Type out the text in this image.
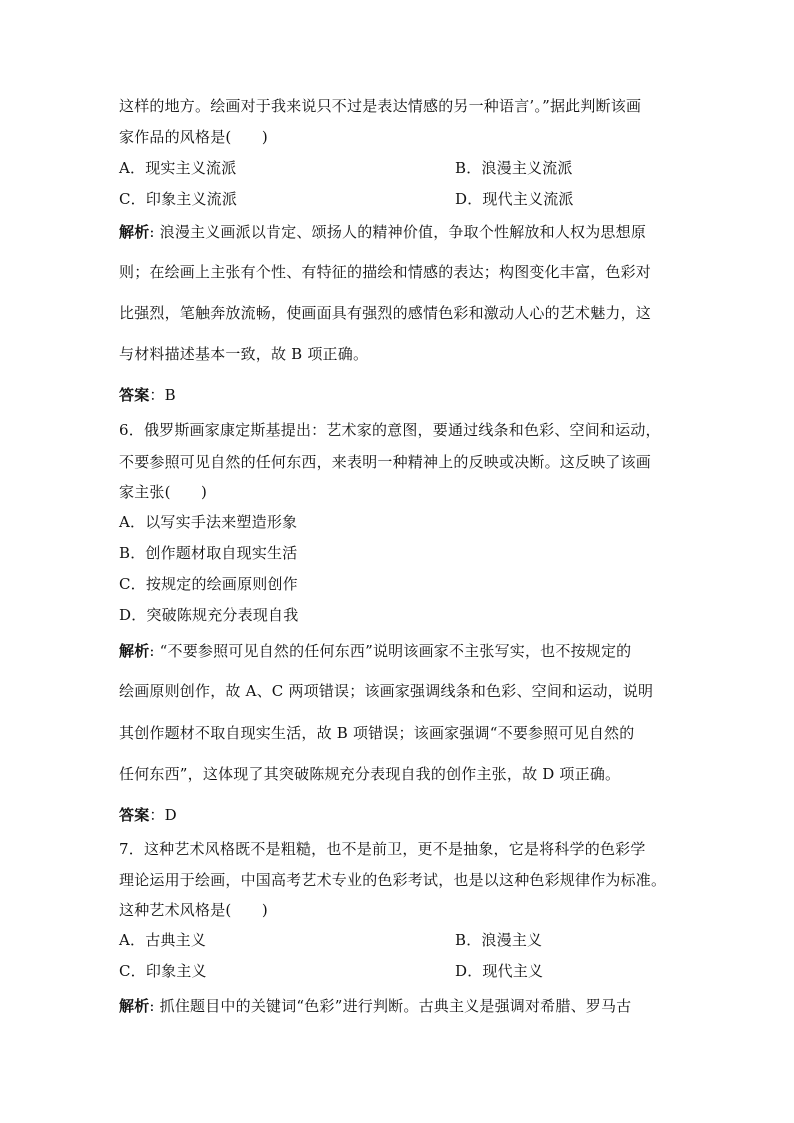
这样的地方。绘画对于我来说只不过是表达情感的另一种语言’。”据此判断该画
家作品的风格是(　　)
A．现实主义流派	B．浪漫主义流派
C．印象主义流派	D．现代主义流派
解析: 浪漫主义画派以肯定、颂扬人的精神价值，争取个性解放和人权为思想原
则；在绘画上主张有个性、有特征的描绘和情感的表达；构图变化丰富，色彩对
比强烈，笔触奔放流畅，使画面具有强烈的感情色彩和激动人心的艺术魅力，这
与材料描述基本一致，故 B 项正确。
答案：B
6．俄罗斯画家康定斯基提出：艺术家的意图，要通过线条和色彩、空间和运动，
不要参照可见自然的任何东西，来表明一种精神上的反映或决断。这反映了该画
家主张(　　)
A．以写实手法来塑造形象
B．创作题材取自现实生活
C．按规定的绘画原则创作
D．突破陈规充分表现自我
解析: “不要参照可见自然的任何东西”说明该画家不主张写实，也不按规定的
绘画原则创作，故 A、C 两项错误；该画家强调线条和色彩、空间和运动，说明
其创作题材不取自现实生活，故 B 项错误；该画家强调“不要参照可见自然的
任何东西”，这体现了其突破陈规充分表现自我的创作主张，故 D 项正确。
答案：D
7．这种艺术风格既不是粗糙，也不是前卫，更不是抽象，它是将科学的色彩学
理论运用于绘画，中国高考艺术专业的色彩考试，也是以这种色彩规律作为标准。
这种艺术风格是(　　)
A．古典主义	B．浪漫主义
C．印象主义	D．现代主义
解析: 抓住题目中的关键词“色彩”进行判断。古典主义是强调对希腊、罗马古
